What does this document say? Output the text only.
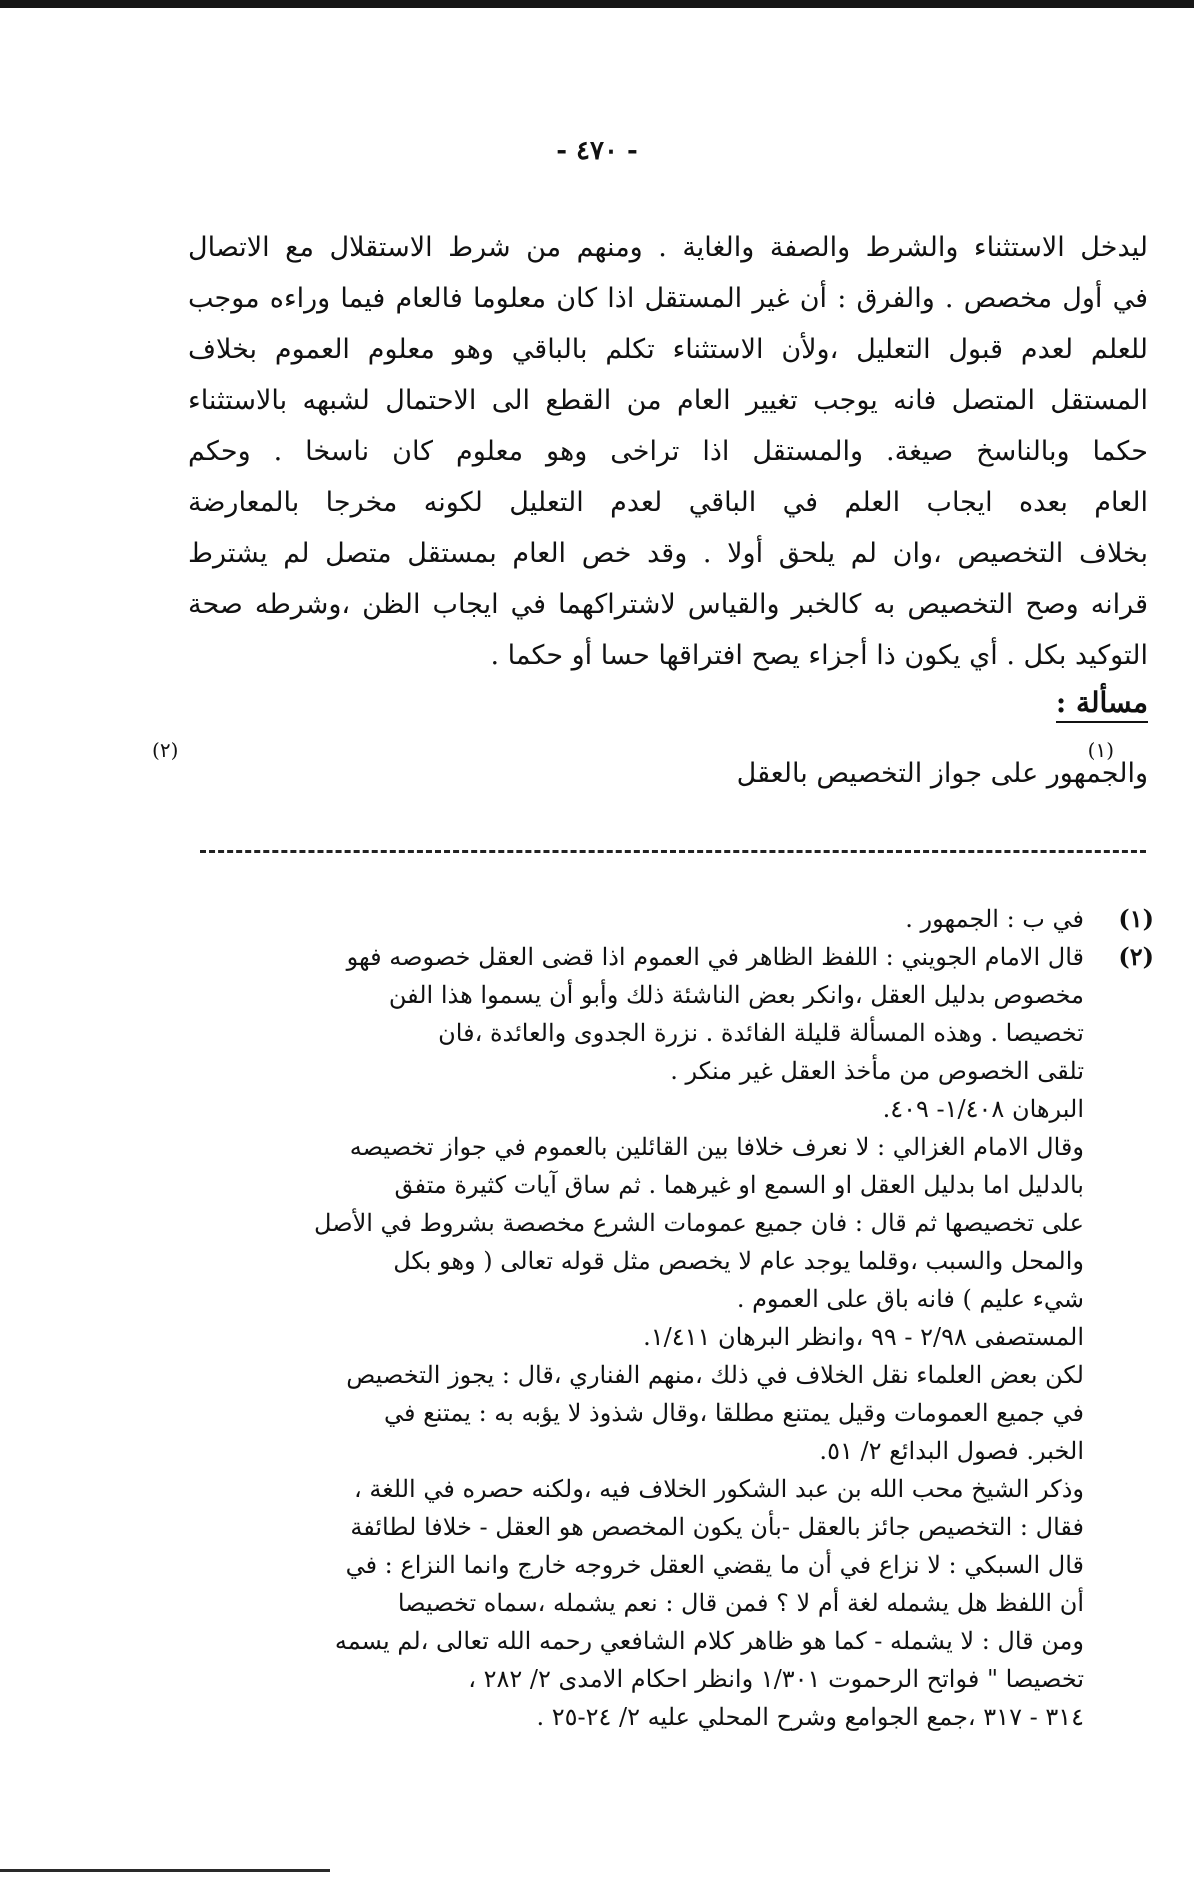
- ٤٧٠ -

ليدخل الاستثناء والشرط والصفة والغاية . ومنهم من شرط الاستقلال مع الاتصال

في أول مخصص . والفرق : أن غير المستقل اذا كان معلوما فالعام فيما وراءه موجب

للعلم لعدم قبول التعليل ،ولأن الاستثناء تكلم بالباقي وهو معلوم العموم بخلاف

المستقل المتصل فانه يوجب تغيير العام من القطع الى الاحتمال لشبهه بالاستثناء

حكما وبالناسخ صيغة. والمستقل اذا تراخى وهو معلوم كان ناسخا . وحكم

العام بعده ايجاب العلم في الباقي لعدم التعليل لكونه مخرجا بالمعارضة

بخلاف التخصيص ،وان لم يلحق أولا . وقد خص العام بمستقل متصل لم يشترط

قرانه وصح التخصيص به كالخبر والقياس لاشتراكهما في ايجاب الظن ،وشرطه صحة

التوكيد بكل . أي يكون ذا أجزاء يصح افتراقها حسا أو حكما .

مسألة :
(١)
(٢)
والجمهور على جواز التخصيص بالعقل
(١)

في ب : الجمهور .

(٢)

قال الامام الجويني : اللفظ الظاهر في العموم اذا قضى العقل خصوصه فهو

مخصوص بدليل العقل ،وانكر بعض الناشئة ذلك وأبو أن يسموا هذا الفن

تخصيصا . وهذه المسألة قليلة الفائدة . نزرة الجدوى والعائدة ،فان

تلقى الخصوص من مأخذ العقل غير منكر .

البرهان ١/٤٠٨- ٤٠٩.

وقال الامام الغزالي : لا نعرف خلافا بين القائلين بالعموم في جواز تخصيصه

بالدليل اما بدليل العقل او السمع او غيرهما . ثم ساق آيات كثيرة متفق

على تخصيصها ثم قال : فان جميع عمومات الشرع مخصصة بشروط في الأصل

والمحل والسبب ،وقلما يوجد عام لا يخصص مثل قوله تعالى ( وهو بكل

شيء عليم ) فانه باق على العموم .

المستصفى ٢/٩٨ - ٩٩ ،وانظر البرهان ١/٤١١.

لكن بعض العلماء نقل الخلاف في ذلك ،منهم الفناري ،قال : يجوز التخصيص

في جميع العمومات وقيل يمتنع مطلقا ،وقال شذوذ لا يؤبه به : يمتنع في

الخبر. فصول البدائع ٢/ ٥١.

وذكر الشيخ محب الله بن عبد الشكور الخلاف فيه ،ولكنه حصره في اللغة ،

فقال : التخصيص جائز بالعقل -بأن يكون المخصص هو العقل - خلافا لطائفة

قال السبكي : لا نزاع في أن ما يقضي العقل خروجه خارج وانما النزاع : في

أن اللفظ هل يشمله لغة أم لا ؟ فمن قال : نعم يشمله ،سماه تخصيصا

ومن قال : لا يشمله - كما هو ظاهر كلام الشافعي رحمه الله تعالى ،لم يسمه

تخصيصا " فواتح الرحموت ١/٣٠١ وانظر احكام الامدى ٢/ ٢٨٢ ،

٣١٤ - ٣١٧ ،جمع الجوامع وشرح المحلي عليه ٢/ ٢٤-٢٥ .
